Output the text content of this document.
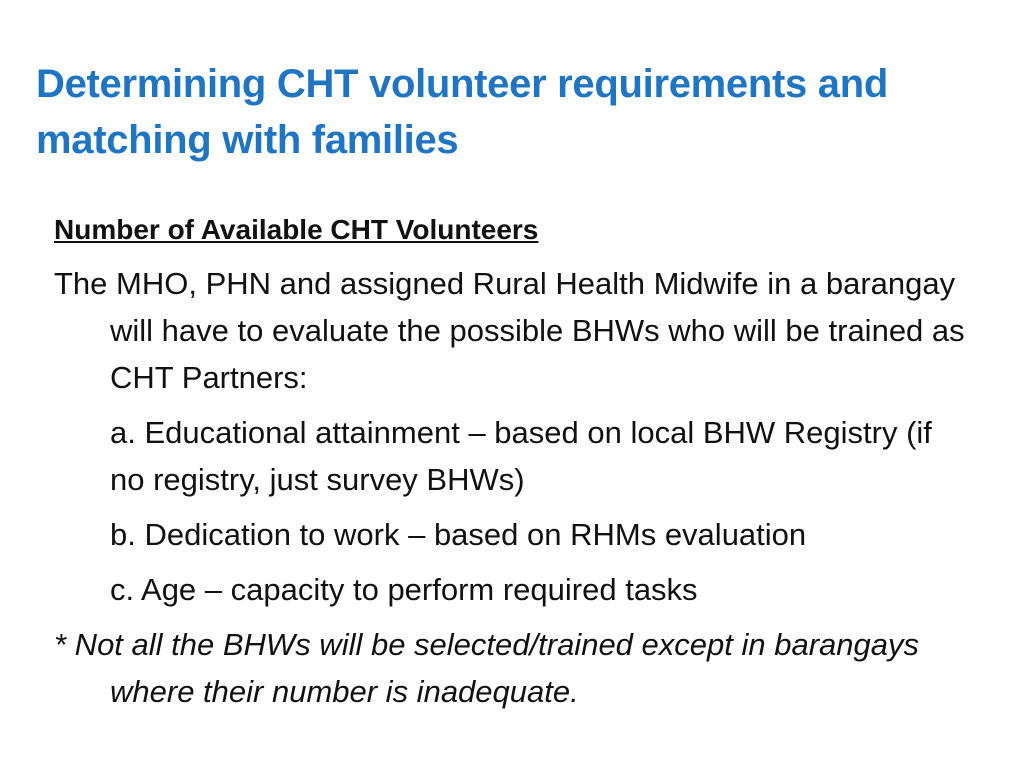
Determining CHT volunteer requirements and matching with families

Number of Available CHT Volunteers

The MHO, PHN and assigned Rural Health Midwife in a barangay will have to evaluate the possible BHWs who will be trained as CHT Partners:

a. Educational attainment – based on local BHW Registry (if no registry, just survey BHWs)

b. Dedication to work – based on RHMs evaluation

c. Age – capacity to perform required tasks

* Not all the BHWs will be selected/trained except in barangays where their number is inadequate.
